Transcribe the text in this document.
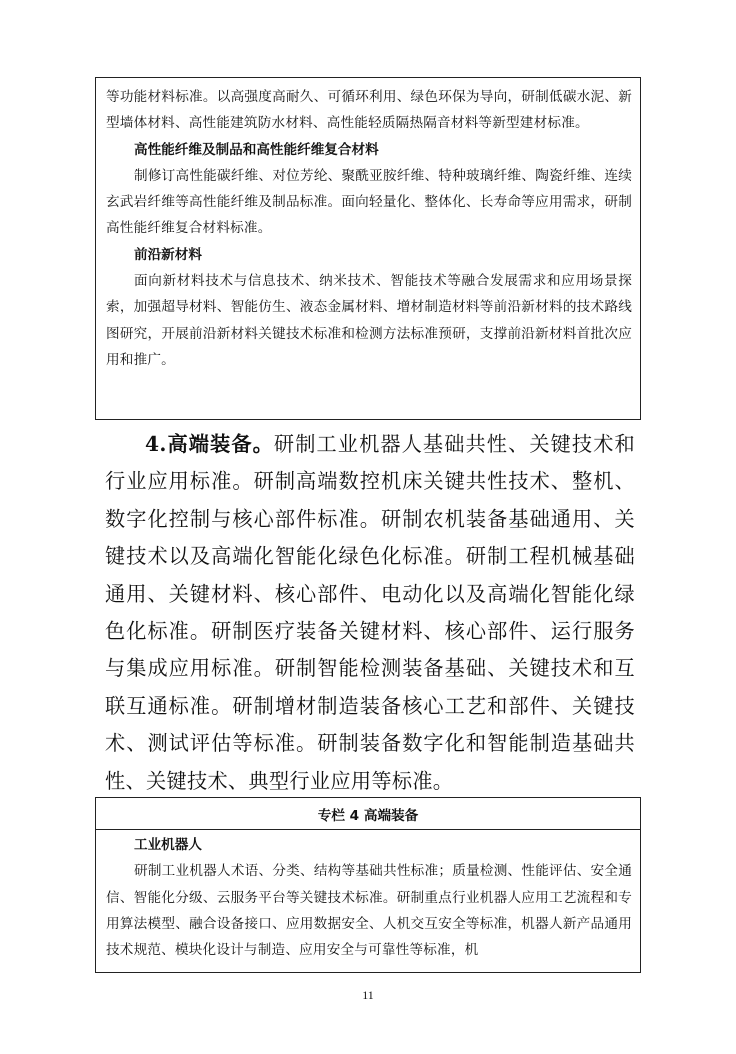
等功能材料标准。以高强度高耐久、可循环利用、绿色环保为导向，研制低碳水泥、新型墙体材料、高性能建筑防水材料、高性能轻质隔热隔音材料等新型建材标准。

高性能纤维及制品和高性能纤维复合材料

制修订高性能碳纤维、对位芳纶、聚酰亚胺纤维、特种玻璃纤维、陶瓷纤维、连续玄武岩纤维等高性能纤维及制品标准。面向轻量化、整体化、长寿命等应用需求，研制高性能纤维复合材料标准。

前沿新材料

面向新材料技术与信息技术、纳米技术、智能技术等融合发展需求和应用场景探索，加强超导材料、智能仿生、液态金属材料、增材制造材料等前沿新材料的技术路线图研究，开展前沿新材料关键技术标准和检测方法标准预研，支撑前沿新材料首批次应用和推广。

4.高端装备。研制工业机器人基础共性、关键技术和行业应用标准。研制高端数控机床关键共性技术、整机、数字化控制与核心部件标准。研制农机装备基础通用、关键技术以及高端化智能化绿色化标准。研制工程机械基础通用、关键材料、核心部件、电动化以及高端化智能化绿色化标准。研制医疗装备关键材料、核心部件、运行服务与集成应用标准。研制智能检测装备基础、关键技术和互联互通标准。研制增材制造装备核心工艺和部件、关键技术、测试评估等标准。研制装备数字化和智能制造基础共性、关键技术、典型行业应用等标准。

专栏 4 高端装备

工业机器人

研制工业机器人术语、分类、结构等基础共性标准；质量检测、性能评估、安全通信、智能化分级、云服务平台等关键技术标准。研制重点行业机器人应用工艺流程和专用算法模型、融合设备接口、应用数据安全、人机交互安全等标准，机器人新产品通用技术规范、模块化设计与制造、应用安全与可靠性等标准，机

11
